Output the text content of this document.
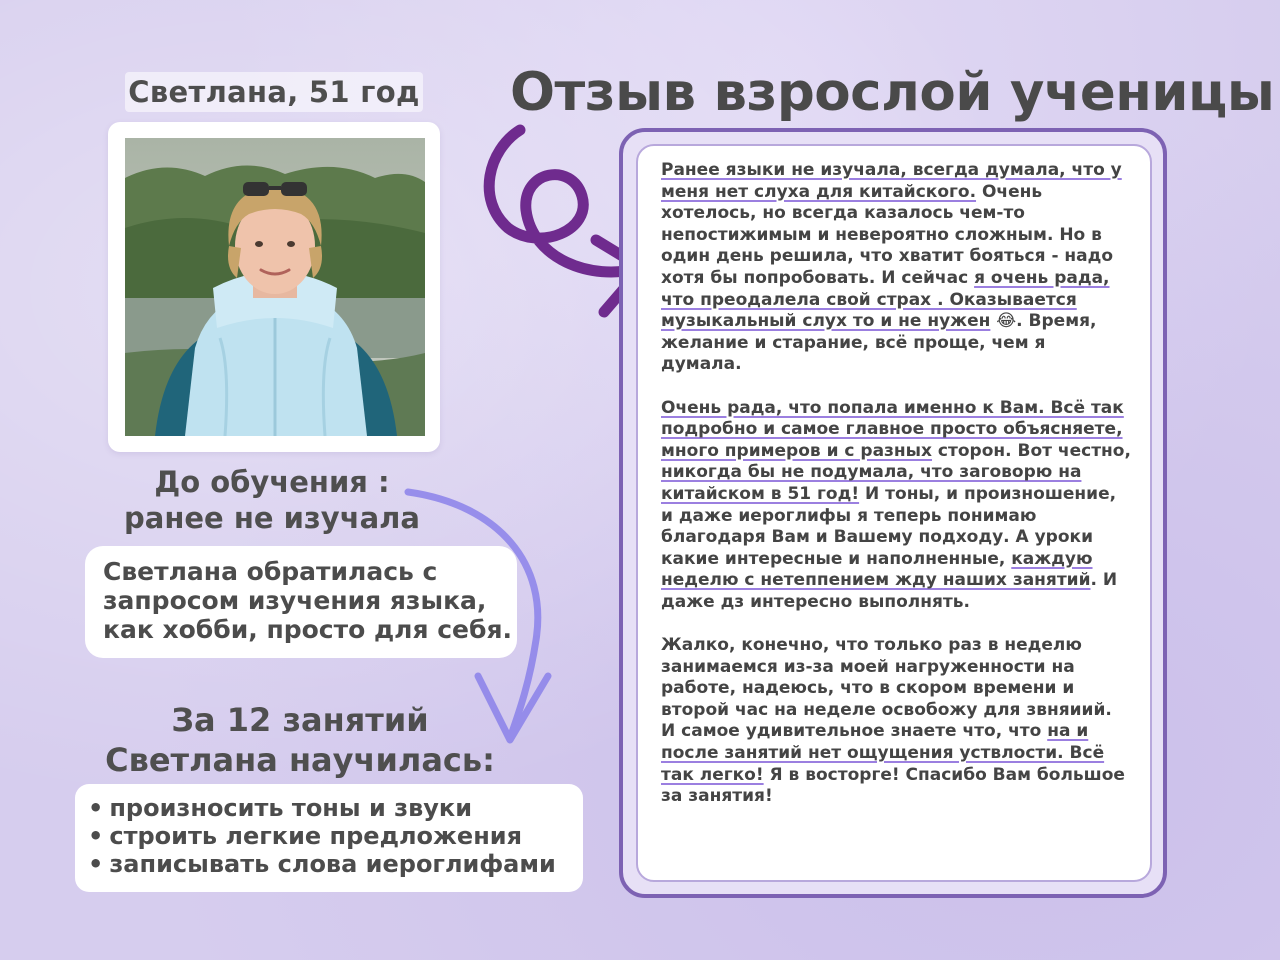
Светлана, 51 год Отзыв взрослой ученицы
До обучения :
ранее не изучала
Светлана обратилась с
запросом изучения языка,
как хобби, просто для себя.
За 12 занятий
Светлана научилась:
• произносить тоны и звуки
• строить легкие предложения
• записывать слова иероглифами

Ранее языки не изучала, всегда думала, что у меня нет слуха для китайского. Очень хотелось, но всегда казалось чем-то непостижимым и невероятно сложным. Но в один день решила, что хватит бояться - надо хотя бы попробовать. И сейчас я очень рада, что преодалела свой страх . Оказывается музыкальный слух то и не нужен 😂. Время, желание и старание, всё проще, чем я думала.

Очень рада, что попала именно к Вам. Всё так подробно и самое главное просто объясняете, много примеров и с разных сторон. Вот честно, никогда бы не подумала, что заговорю на китайском в 51 год! И тоны, и произношение, и даже иероглифы я теперь понимаю благодаря Вам и Вашему подходу. А уроки какие интересные и наполненные, каждую неделю с нетеппением жду наших занятий. И даже дз интересно выполнять.

Жалко, конечно, что только раз в неделю занимаемся из-за моей нагруженности на работе, надеюсь, что в скором времени и второй час на неделе освобожу для звняиий. И самое удивительное знаете что, что на и после занятий нет ощущения уствлости. Всё так легко! Я в восторге! Спасибо Вам большое за занятия!
